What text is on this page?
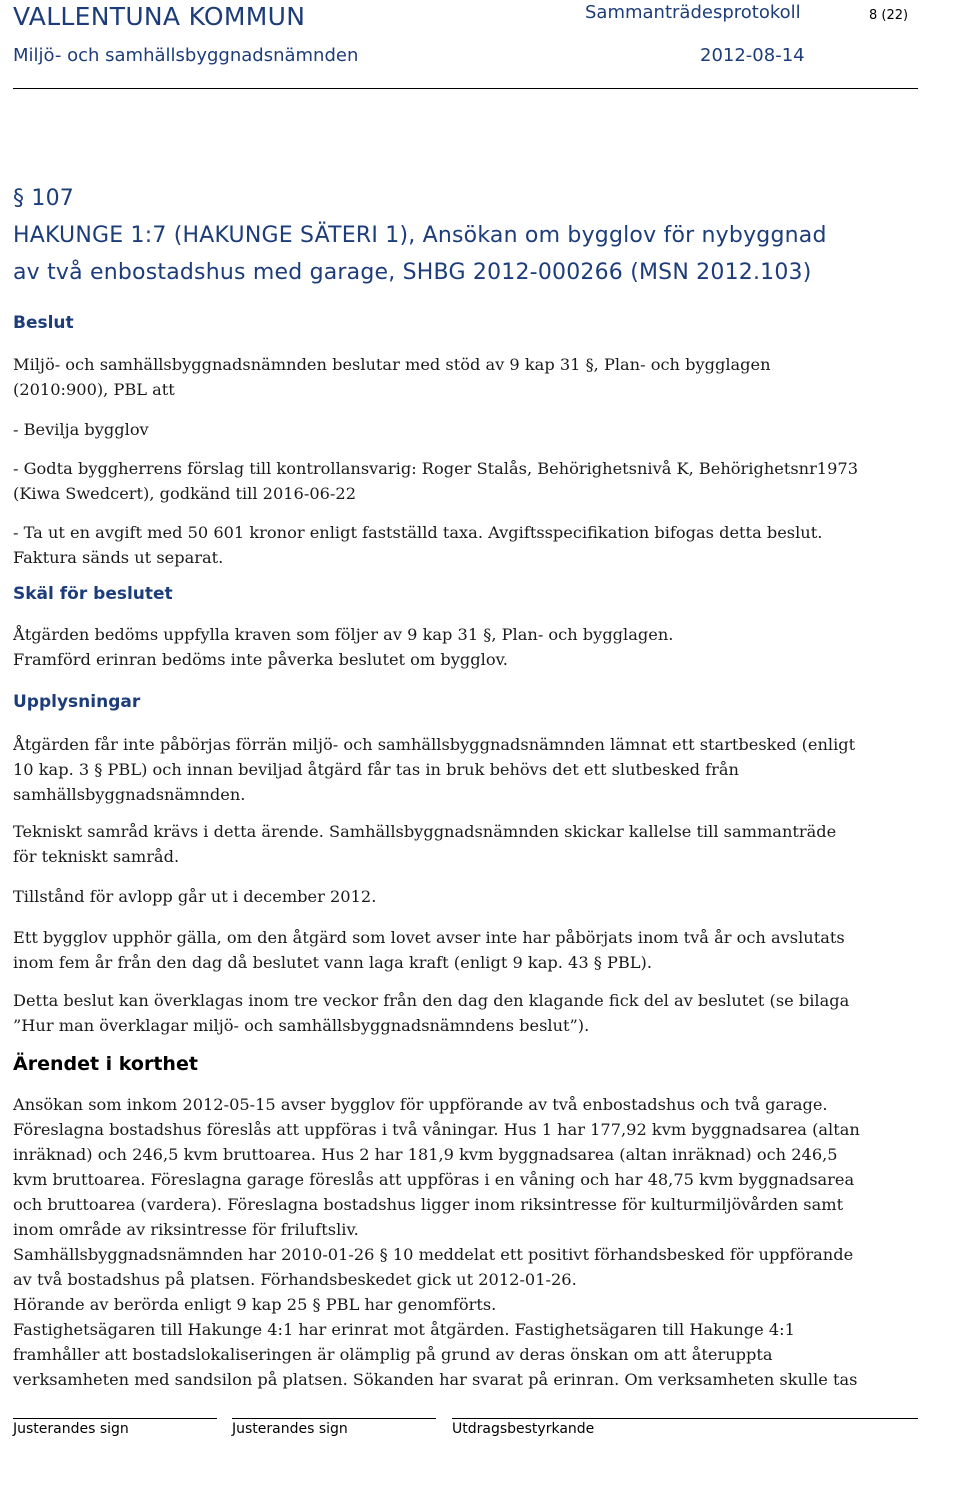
VALLENTUNA KOMMUN	Sammanträdesprotokoll	8 (22)
Miljö- och samhällsbyggnadsnämnden	2012-08-14
§ 107
HAKUNGE 1:7 (HAKUNGE SÄTERI 1), Ansökan om bygglov för nybyggnad
av två enbostadshus med garage, SHBG 2012-000266 (MSN 2012.103)
Beslut
Miljö- och samhällsbyggnadsnämnden beslutar med stöd av 9 kap 31 §, Plan- och bygglagen
(2010:900), PBL att
- Bevilja bygglov
- Godta byggherrens förslag till kontrollansvarig: Roger Stalås, Behörighetsnivå K, Behörighetsnr1973
(Kiwa Swedcert), godkänd till 2016-06-22
- Ta ut en avgift med 50 601 kronor enligt fastställd taxa. Avgiftsspecifikation bifogas detta beslut.
Faktura sänds ut separat.
Skäl för beslutet
Åtgärden bedöms uppfylla kraven som följer av 9 kap 31 §, Plan- och bygglagen.
Framförd erinran bedöms inte påverka beslutet om bygglov.
Upplysningar
Åtgärden får inte påbörjas förrän miljö- och samhällsbyggnadsnämnden lämnat ett startbesked (enligt
10 kap. 3 § PBL) och innan beviljad åtgärd får tas in bruk behövs det ett slutbesked från
samhällsbyggnadsnämnden.
Tekniskt samråd krävs i detta ärende. Samhällsbyggnadsnämnden skickar kallelse till sammanträde
för tekniskt samråd.
Tillstånd för avlopp går ut i december 2012.
Ett bygglov upphör gälla, om den åtgärd som lovet avser inte har påbörjats inom två år och avslutats
inom fem år från den dag då beslutet vann laga kraft (enligt 9 kap. 43 § PBL).
Detta beslut kan överklagas inom tre veckor från den dag den klagande fick del av beslutet (se bilaga
”Hur man överklagar miljö- och samhällsbyggnadsnämndens beslut”).
Ärendet i korthet
Ansökan som inkom 2012-05-15 avser bygglov för uppförande av två enbostadshus och två garage.
Föreslagna bostadshus föreslås att uppföras i två våningar. Hus 1 har 177,92 kvm byggnadsarea (altan
inräknad) och 246,5 kvm bruttoarea. Hus 2 har 181,9 kvm byggnadsarea (altan inräknad) och 246,5
kvm bruttoarea. Föreslagna garage föreslås att uppföras i en våning och har 48,75 kvm byggnadsarea
och bruttoarea (vardera). Föreslagna bostadshus ligger inom riksintresse för kulturmiljövården samt
inom område av riksintresse för friluftsliv.
Samhällsbyggnadsnämnden har 2010-01-26 § 10 meddelat ett positivt förhandsbesked för uppförande
av två bostadshus på platsen. Förhandsbeskedet gick ut 2012-01-26.
Hörande av berörda enligt 9 kap 25 § PBL har genomförts.
Fastighetsägaren till Hakunge 4:1 har erinrat mot åtgärden. Fastighetsägaren till Hakunge 4:1
framhåller att bostadslokaliseringen är olämplig på grund av deras önskan om att återuppta
verksamheten med sandsilon på platsen. Sökanden har svarat på erinran. Om verksamheten skulle tas
Justerandes sign	Justerandes sign	Utdragsbestyrkande
